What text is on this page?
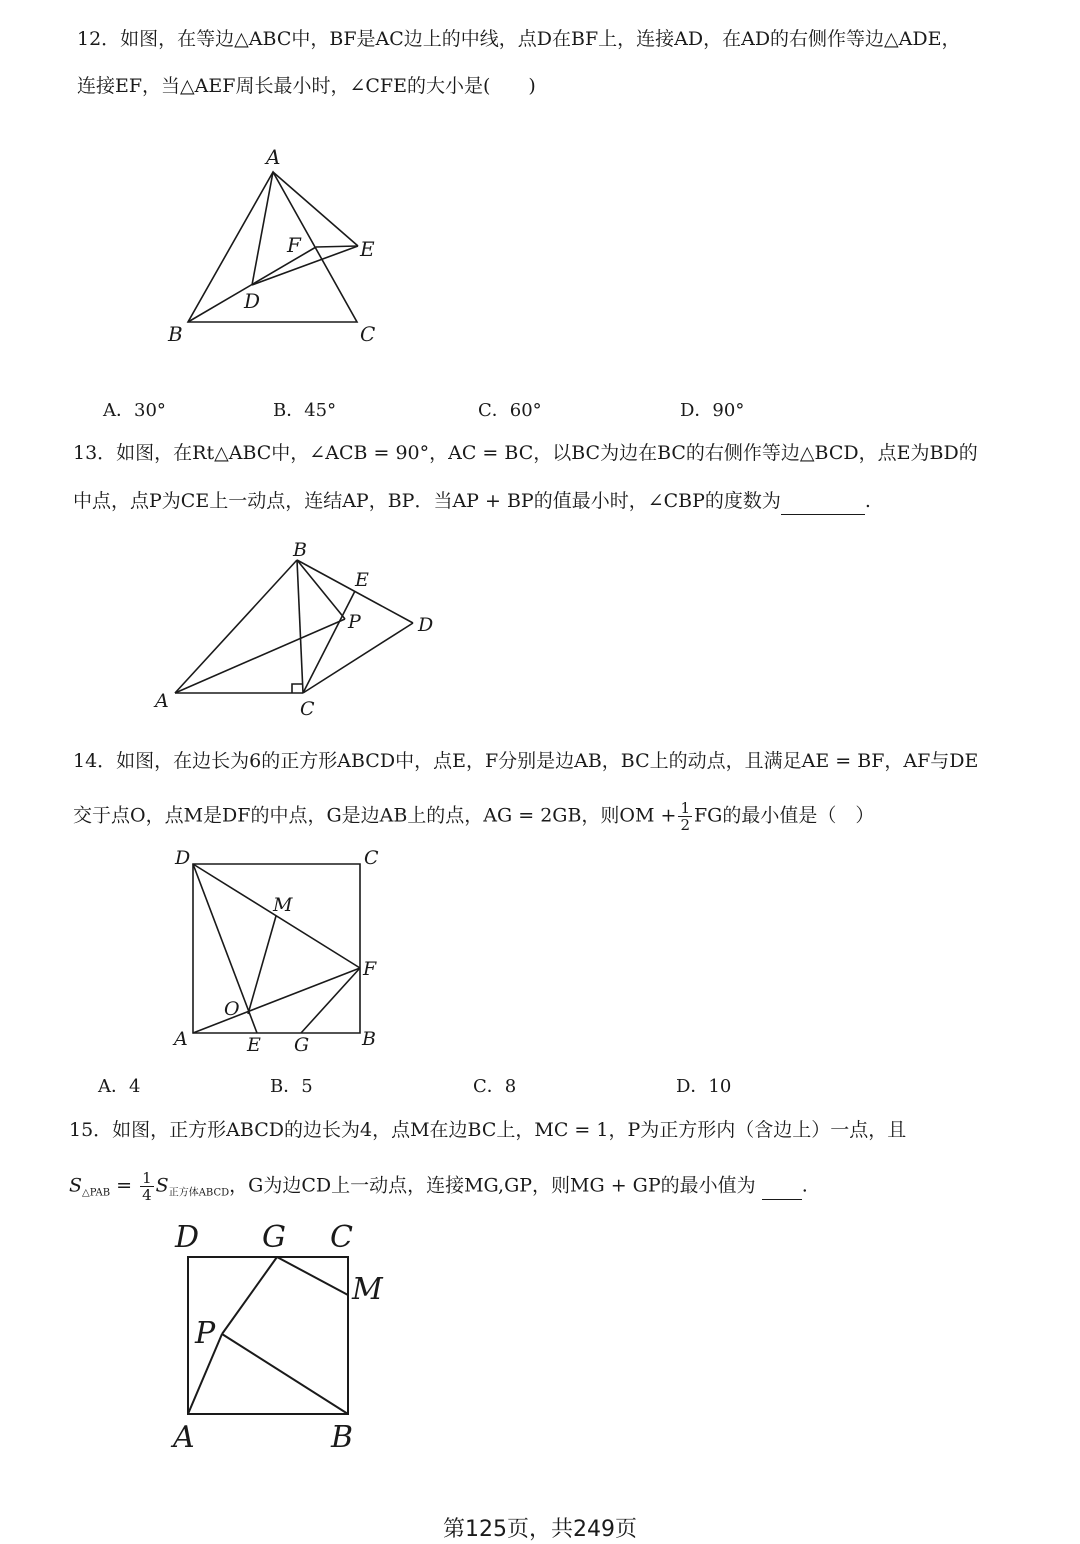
12．如图，在等边△ABC中，BF是AC边上的中线，点D在BF上，连接AD，在AD的右侧作等边△ADE，
连接EF，当△AEF周长最小时，∠CFE的大小是(　　)
A
B	C
D
E
F
A．30°	B．45°	C．60°	D．90°
13．如图，在Rt△ABC中，∠ACB = 90°，AC = BC，以BC为边在BC的右侧作等边△BCD，点E为BD的
中点，点P为CE上一动点，连结AP，BP．当AP + BP的值最小时，∠CBP的度数为	.
B
A	C
D
E
P
14．如图，在边长为6的正方形ABCD中，点E，F分别是边AB，BC上的动点，且满足AE = BF，AF与DE
交于点O，点M是DF的中点，G是边AB上的点，AG = 2GB，则OM + $\frac{1}{2}$ FG的最小值是（　）
D	C
A	B
E G
F
M
O
A．4	B．5	C．8	D．10
15．如图，正方形ABCD的边长为4，点M在边BC上，MC = 1，P为正方形内（含边上）一点，且
$S_{\triangle PAB} = \frac{1}{4} S_{正方体ABCD}$，G为边CD上一动点，连接MG,GP，则MG + GP的最小值为 .
D G C
M
P
A	B
第125页，共249页
